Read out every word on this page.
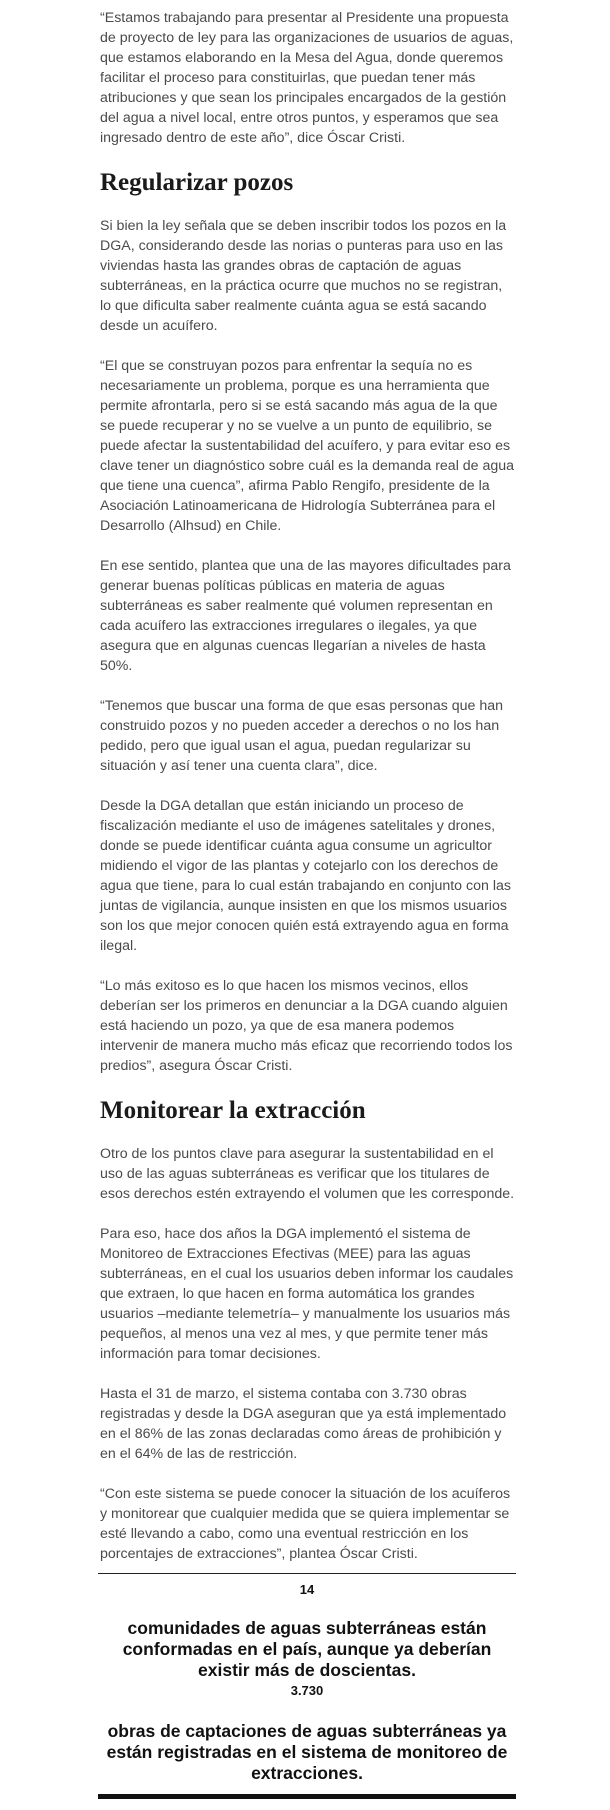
“Estamos trabajando para presentar al Presidente una propuesta de proyecto de ley para las organizaciones de usuarios de aguas, que estamos elaborando en la Mesa del Agua, donde queremos facilitar el proceso para constituirlas, que puedan tener más atribuciones y que sean los principales encargados de la gestión del agua a nivel local, entre otros puntos, y esperamos que sea ingresado dentro de este año”, dice Óscar Cristi.

Regularizar pozos

Si bien la ley señala que se deben inscribir todos los pozos en la DGA, considerando desde las norias o punteras para uso en las viviendas hasta las grandes obras de captación de aguas subterráneas, en la práctica ocurre que muchos no se registran, lo que dificulta saber realmente cuánta agua se está sacando desde un acuífero.

“El que se construyan pozos para enfrentar la sequía no es necesariamente un problema, porque es una herramienta que permite afrontarla, pero si se está sacando más agua de la que se puede recuperar y no se vuelve a un punto de equilibrio, se puede afectar la sustentabilidad del acuífero, y para evitar eso es clave tener un diagnóstico sobre cuál es la demanda real de agua que tiene una cuenca”, afirma Pablo Rengifo, presidente de la Asociación Latinoamericana de Hidrología Subterránea para el Desarrollo (Alhsud) en Chile.

En ese sentido, plantea que una de las mayores dificultades para generar buenas políticas públicas en materia de aguas subterráneas es saber realmente qué volumen representan en cada acuífero las extracciones irregulares o ilegales, ya que asegura que en algunas cuencas llegarían a niveles de hasta 50%.

“Tenemos que buscar una forma de que esas personas que han construido pozos y no pueden acceder a derechos o no los han pedido, pero que igual usan el agua, puedan regularizar su situación y así tener una cuenta clara”, dice.

Desde la DGA detallan que están iniciando un proceso de fiscalización mediante el uso de imágenes satelitales y drones, donde se puede identificar cuánta agua consume un agricultor midiendo el vigor de las plantas y cotejarlo con los derechos de agua que tiene, para lo cual están trabajando en conjunto con las juntas de vigilancia, aunque insisten en que los mismos usuarios son los que mejor conocen quién está extrayendo agua en forma ilegal.

“Lo más exitoso es lo que hacen los mismos vecinos, ellos deberían ser los primeros en denunciar a la DGA cuando alguien está haciendo un pozo, ya que de esa manera podemos intervenir de manera mucho más eficaz que recorriendo todos los predios”, asegura Óscar Cristi.

Monitorear la extracción

Otro de los puntos clave para asegurar la sustentabilidad en el uso de las aguas subterráneas es verificar que los titulares de esos derechos estén extrayendo el volumen que les corresponde.

Para eso, hace dos años la DGA implementó el sistema de Monitoreo de Extracciones Efectivas (MEE) para las aguas subterráneas, en el cual los usuarios deben informar los caudales que extraen, lo que hacen en forma automática los grandes usuarios –mediante telemetría– y manualmente los usuarios más pequeños, al menos una vez al mes, y que permite tener más información para tomar decisiones.

Hasta el 31 de marzo, el sistema contaba con 3.730 obras registradas y desde la DGA aseguran que ya está implementado en el 86% de las zonas declaradas como áreas de prohibición y en el 64% de las de restricción.

“Con este sistema se puede conocer la situación de los acuíferos y monitorear que cualquier medida que se quiera implementar se esté llevando a cabo, como una eventual restricción en los porcentajes de extracciones”, plantea Óscar Cristi.

14
comunidades de aguas subterráneas están conformadas en el país, aunque ya deberían existir más de doscientas.
3.730
obras de captaciones de aguas subterráneas ya están registradas en el sistema de monitoreo de extracciones.
